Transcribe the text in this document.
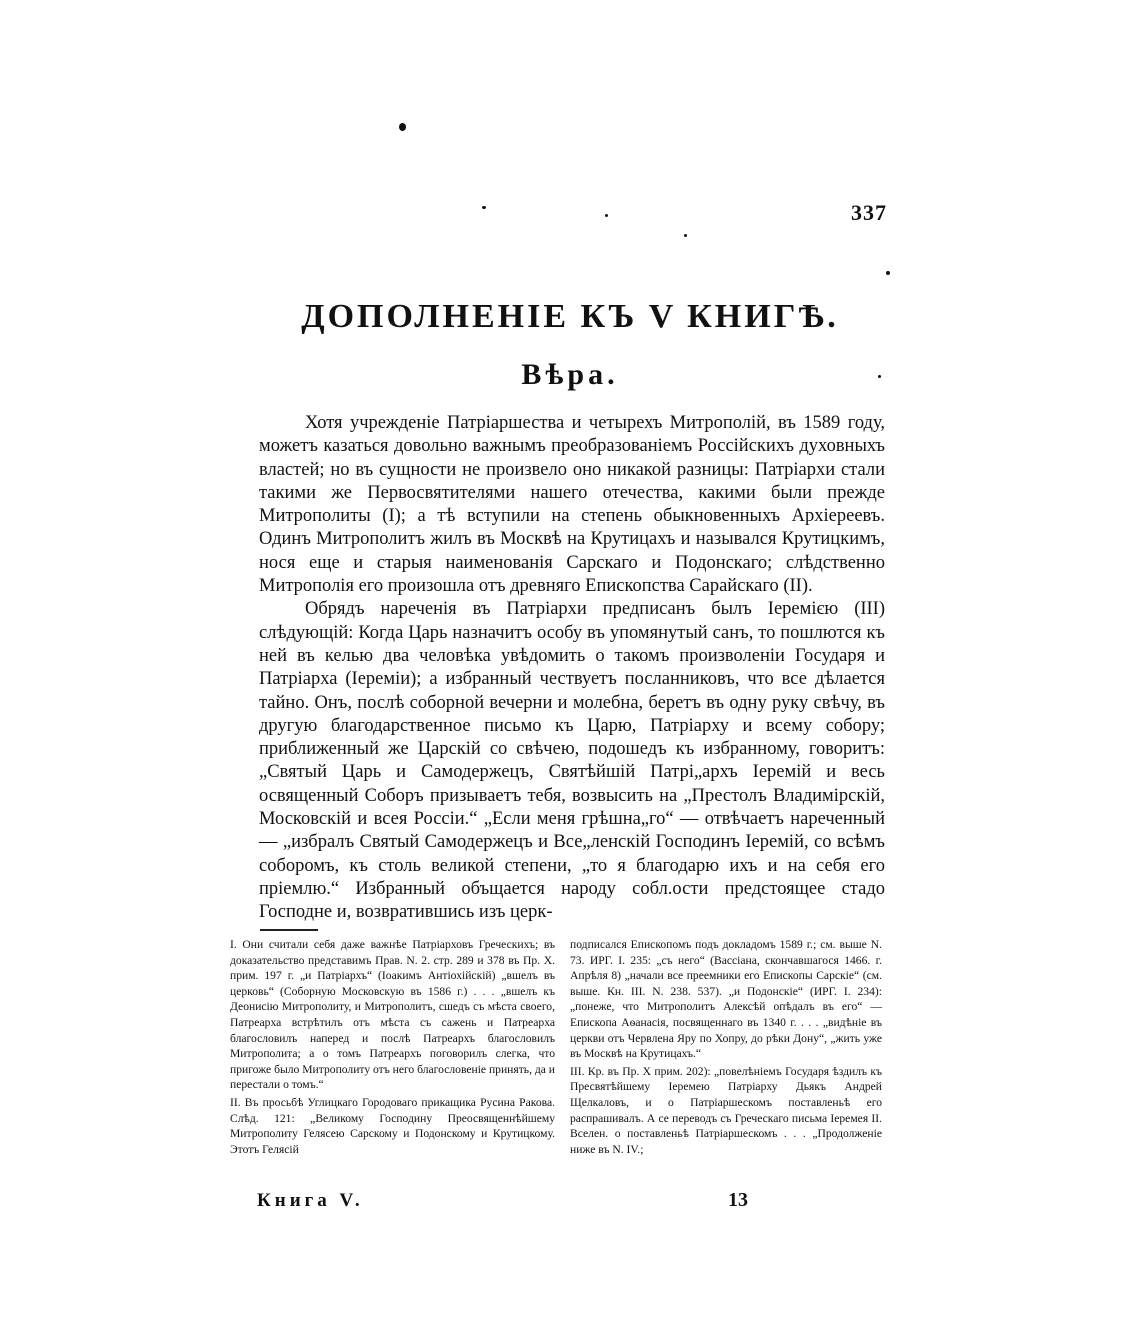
337
ДОПОЛНЕНІЕ КЪ V КНИГѢ.
Вѣра.

Хотя учрежденіе Патріаршества и четырехъ Митрополій, въ 1589 году, можетъ казаться довольно важнымъ преобразованіемъ Россійскихъ духовныхъ властей; но въ сущности не произвело оно никакой разницы: Патріархи стали такими же Первосвятителями нашего отечества, какими были прежде Митрополиты (I); а тѣ вступили на степень обыкновенныхъ Архіереевъ. Одинъ Митрополитъ жилъ въ Москвѣ на Крутицахъ и назывался Крутицкимъ, нося еще и старыя наименованія Сарскаго и Подонскаго; слѣдственно Митрополія его произошла отъ древняго Епископства Сарайскаго (II).

Обрядъ нареченія въ Патріархи предписанъ былъ Іеремією (III) слѣдующій: Когда Царь назначитъ особу въ упомянутый санъ, то пошлются къ ней въ келью два человѣка увѣдомить о такомъ произволеніи Государя и Патріарха (Іереміи); а избранный чествуетъ посланниковъ, что все дѣлается тайно. Онъ, послѣ соборной вечерни и молебна, беретъ въ одну руку свѣчу, въ другую благодарственное письмо къ Царю, Патріарху и всему собору; приближенный же Царскій со свѣчею, подошедъ къ избранному, говоритъ: „Святый Царь и Самодержецъ, Святѣйшій Патрі„архъ Іеремій и весь освященный Соборъ призываетъ тебя, возвысить на „Престолъ Владимірскій, Московскій и всея Россіи.“ „Если меня грѣшна„го“ — отвѣчаетъ нареченный — „избралъ Святый Самодержецъ и Все„ленскій Господинъ Іеремій, со всѣмъ соборомъ, къ столь великой степени, „то я благодарю ихъ и на себя его пріемлю.“ Избранный объщается народу собл.ости предстоящее стадо Господне и, возвратившись изъ церк-

I. Они считали себя даже важнѣе Патріарховъ Греческихъ; въ доказательство представимъ Прав. N. 2. стр. 289 и 378 въ Пр. X. прим. 197 г. „и Патріархъ“ (Іоакимъ Антіохійскій) „вшелъ въ церковь“ (Соборную Московскую въ 1586 г.) . . . „вшелъ къ Деонисію Митрополиту, и Митрополитъ, сшедъ съ мѣста своего, Патреарха встрѣтилъ отъ мѣста съ сажень и Патреарха благословилъ наперед и послѣ Патреархъ благословилъ Митрополита; а о томъ Патреархъ поговорилъ слегка, что пригоже было Митрополиту отъ него благословеніе принять, да и перестали о томъ.“

II. Въ просьбѣ Углицкаго Городоваго прикащика Русина Ракова. Слѣд. 121: „Великому Господину Преосвященнѣйшему Митрополиту Гелясею Сарскому и Подонскому и Крутицкому. Этотъ Гелясій

подписался Епископомъ подъ докладомъ 1589 г.; см. выше N. 73. ИРГ. I. 235: „съ него“ (Вассіана, скончавшагося 1466. г. Апрѣля 8) „начали все преемники его Епископы Сарскіе“ (см. выше. Кн. III. N. 238. 537). „и Подонскіе“ (ИРГ. I. 234): „понеже, что Митрополитъ Алексѣй опѣдалъ въ его“ — Епископа Аѳанасія, посвященнаго въ 1340 г. . . . „видѣніе въ церкви отъ Червлена Яру по Хопру, до рѣки Дону“, „жить уже въ Москвѣ на Крутицахъ.“

III. Кр. въ Пр. X прим. 202): „повелѣніемъ Государя ѣздилъ къ Пресвятѣйшему Іеремею Патріарху Дьякъ Андрей Щелкаловъ, и о Патріаршескомъ поставленьѣ его распрашивалъ. А се переводъ съ Греческаго письма Іеремея II. Вселен. о поставленьѣ Патріаршескомъ . . . „Продолженіе ниже въ N. IV.;

Книга V.	13
